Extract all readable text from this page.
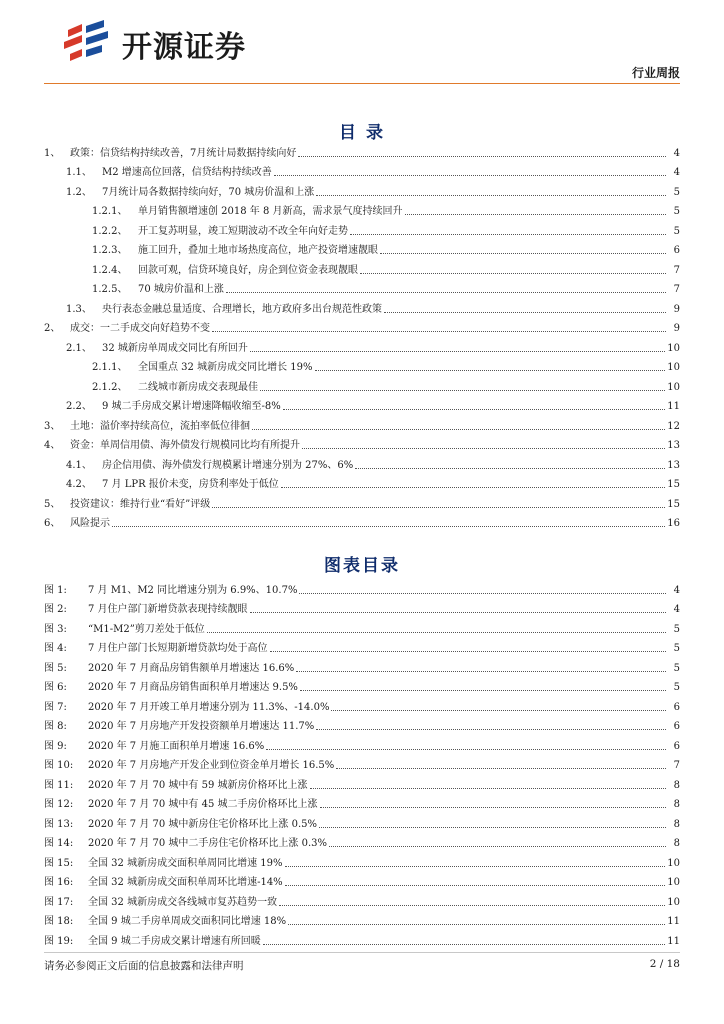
开源证券
行业周报
目 录
1、 政策：信贷结构持续改善，7月统计局数据持续向好	4
1.1、	M2 增速高位回落，信贷结构持续改善	4
1.2、	7月统计局各数据持续向好，70 城房价温和上涨	5
1.2.1、	单月销售额增速创 2018 年 8 月新高，需求景气度持续回升	5
1.2.2、	开工复苏明显，竣工短期波动不改全年向好走势	5
1.2.3、	施工回升，叠加土地市场热度高位，地产投资增速靓眼	6
1.2.4、	回款可观，信贷环境良好，房企到位资金表现靓眼	7
1.2.5、	70 城房价温和上涨	7
1.3、	央行表态金融总量适度、合理增长，地方政府多出台规范性政策	9
2、 成交：一二手成交向好趋势不变	9
2.1、	32 城新房单周成交同比有所回升	10
2.1.1、	全国重点 32 城新房成交同比增长 19%	10
2.1.2、	二线城市新房成交表现最佳	10
2.2、	9 城二手房成交累计增速降幅收缩至-8%	11
3、 土地：溢价率持续高位，流拍率低位徘徊	12
4、 资金：单周信用债、海外债发行规模同比均有所提升	13
4.1、	房企信用债、海外债发行规模累计增速分别为 27%、6%	13
4.2、	7 月 LPR 报价未变，房贷利率处于低位	15
5、 投资建议：维持行业“看好”评级	15
6、 风险提示	16
图表目录
图 1:	7 月 M1、M2 同比增速分别为 6.9%、10.7%	4
图 2:	7 月住户部门新增贷款表现持续靓眼	4
图 3:	“M1-M2”剪刀差处于低位	5
图 4:	7 月住户部门长短期新增贷款均处于高位	5
图 5:	2020 年 7 月商品房销售额单月增速达 16.6%	5
图 6:	2020 年 7 月商品房销售面积单月增速达 9.5%	5
图 7:	2020 年 7 月开竣工单月增速分别为 11.3%、-14.0%	6
图 8:	2020 年 7 月房地产开发投资额单月增速达 11.7%	6
图 9:	2020 年 7 月施工面积单月增速 16.6%	6
图 10:	2020 年 7 月房地产开发企业到位资金单月增长 16.5%	7
图 11:	2020 年 7 月 70 城中有 59 城新房价格环比上涨	8
图 12:	2020 年 7 月 70 城中有 45 城二手房价格环比上涨	8
图 13:	2020 年 7 月 70 城中新房住宅价格环比上涨 0.5%	8
图 14:	2020 年 7 月 70 城中二手房住宅价格环比上涨 0.3%	8
图 15:	全国 32 城新房成交面积单周同比增速 19%	10
图 16:	全国 32 城新房成交面积单周环比增速-14%	10
图 17:	全国 32 城新房成交各线城市复苏趋势一致	10
图 18:	全国 9 城二手房单周成交面积同比增速 18%	11
图 19:	全国 9 城二手房成交累计增速有所回暖	11
请务必参阅正文后面的信息披露和法律声明	2 / 18
